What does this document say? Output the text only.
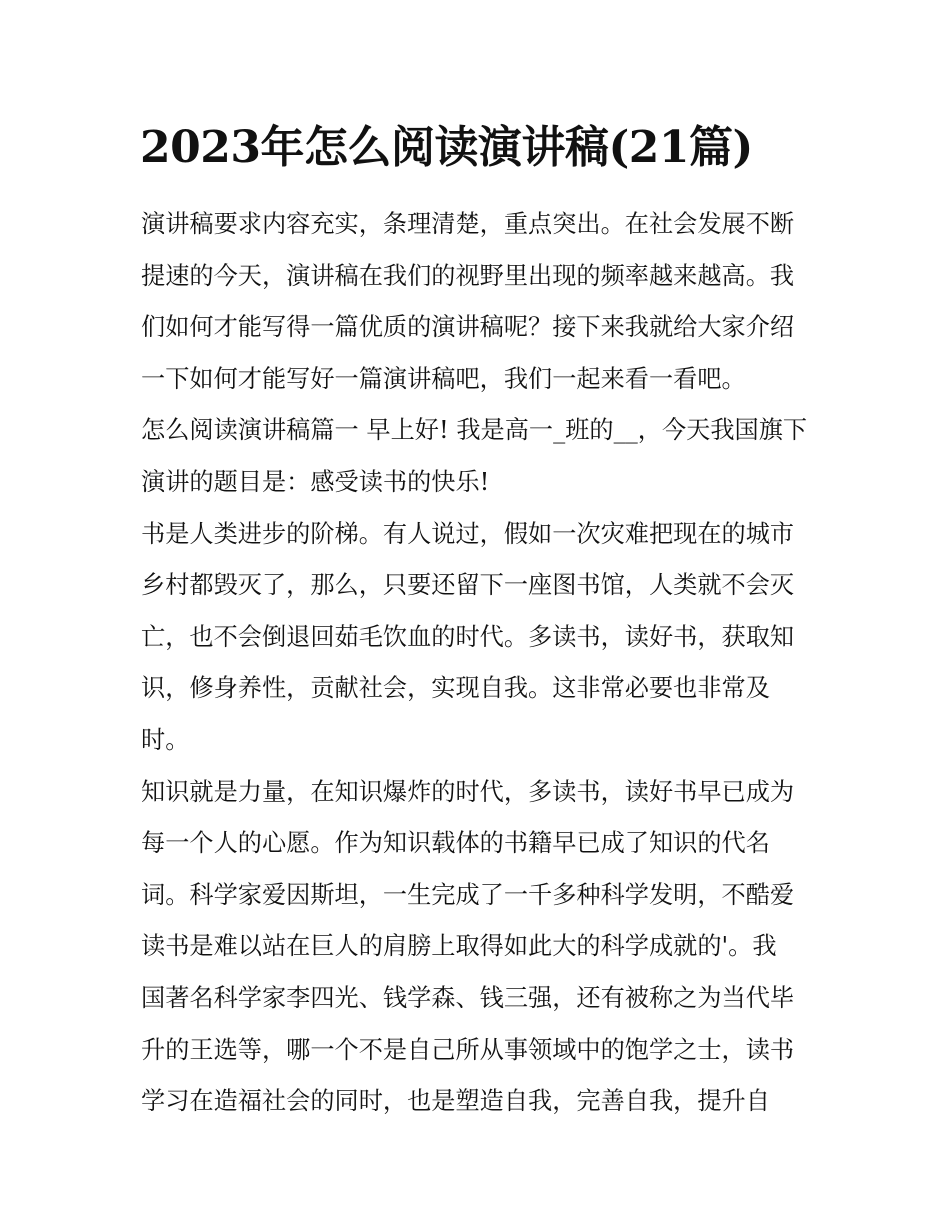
2023年怎么阅读演讲稿(21篇)
演讲稿要求内容充实，条理清楚，重点突出。在社会发展不断
提速的今天，演讲稿在我们的视野里出现的频率越来越高。我
们如何才能写得一篇优质的演讲稿呢？接下来我就给大家介绍
一下如何才能写好一篇演讲稿吧，我们一起来看一看吧。
怎么阅读演讲稿篇一 早上好! 我是高一_班的__，今天我国旗下
演讲的题目是：感受读书的快乐!
书是人类进步的阶梯。有人说过，假如一次灾难把现在的城市
乡村都毁灭了，那么，只要还留下一座图书馆，人类就不会灭
亡，也不会倒退回茹毛饮血的时代。多读书，读好书，获取知
识，修身养性，贡献社会，实现自我。这非常必要也非常及
时。
知识就是力量，在知识爆炸的时代，多读书，读好书早已成为
每一个人的心愿。作为知识载体的书籍早已成了知识的代名
词。科学家爱因斯坦，一生完成了一千多种科学发明，不酷爱
读书是难以站在巨人的肩膀上取得如此大的科学成就的'。我
国著名科学家李四光、钱学森、钱三强，还有被称之为当代毕
升的王选等，哪一个不是自己所从事领域中的饱学之士，读书
学习在造福社会的同时，也是塑造自我，完善自我，提升自
